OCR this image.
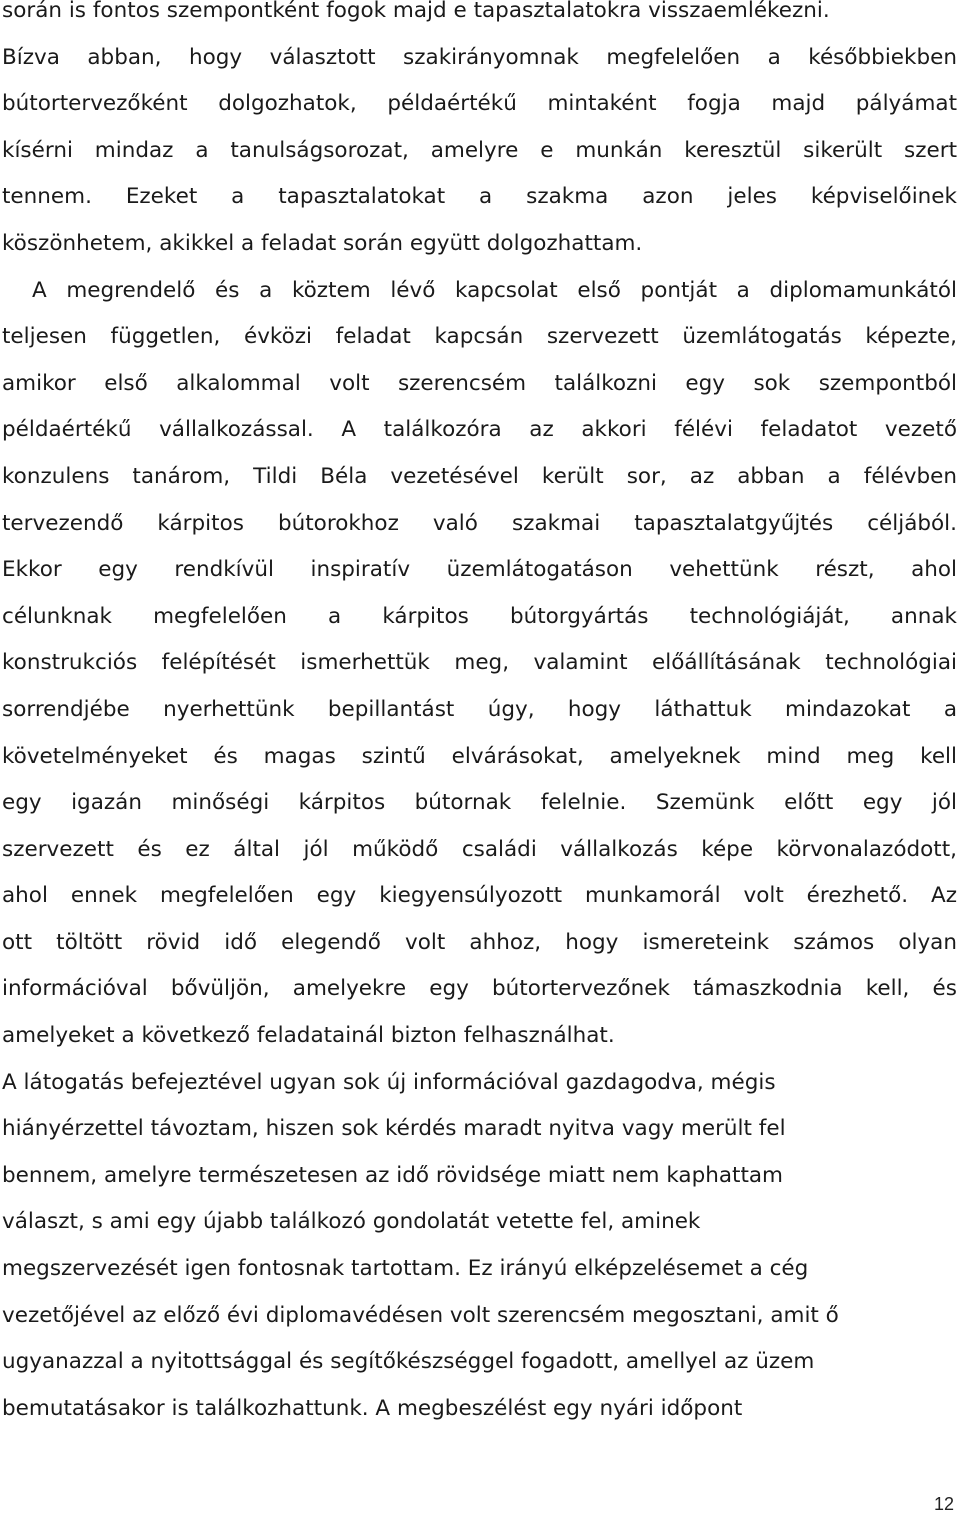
során is fontos szempontként fogok majd e tapasztalatokra visszaemlékezni.
Bízva abban, hogy választott szakirányomnak megfelelően a későbbiekben
bútortervezőként dolgozhatok, példaértékű mintaként fogja majd pályámat
kísérni mindaz a tanulságsorozat, amelyre e munkán keresztül sikerült szert
tennem. Ezeket a tapasztalatokat a szakma azon jeles képviselőinek
köszönhetem, akikkel a feladat során együtt dolgozhattam.
A megrendelő és a köztem lévő kapcsolat első pontját a diplomamunkától
teljesen független, évközi feladat kapcsán szervezett üzemlátogatás képezte,
amikor első alkalommal volt szerencsém találkozni egy sok szempontból
példaértékű vállalkozással. A találkozóra az akkori félévi feladatot vezető
konzulens tanárom, Tildi Béla vezetésével került sor, az abban a félévben
tervezendő kárpitos bútorokhoz való szakmai tapasztalatgyűjtés céljából.
Ekkor egy rendkívül inspiratív üzemlátogatáson vehettünk részt, ahol
célunknak megfelelően a kárpitos bútorgyártás technológiáját, annak
konstrukciós felépítését ismerhettük meg, valamint előállításának technológiai
sorrendjébe nyerhettünk bepillantást úgy, hogy láthattuk mindazokat a
követelményeket és magas szintű elvárásokat, amelyeknek mind meg kell
egy igazán minőségi kárpitos bútornak felelnie. Szemünk előtt egy jól
szervezett és ez által jól működő családi vállalkozás képe körvonalazódott,
ahol ennek megfelelően egy kiegyensúlyozott munkamorál volt érezhető. Az
ott töltött rövid idő elegendő volt ahhoz, hogy ismereteink számos olyan
információval bővüljön, amelyekre egy bútortervezőnek támaszkodnia kell, és
amelyeket a következő feladatainál bizton felhasználhat.
A látogatás befejeztével ugyan sok új információval gazdagodva, mégis
hiányérzettel távoztam, hiszen sok kérdés maradt nyitva vagy merült fel
bennem, amelyre természetesen az idő rövidsége miatt nem kaphattam
választ, s ami egy újabb találkozó gondolatát vetette fel, aminek
megszervezését igen fontosnak tartottam. Ez irányú elképzelésemet a cég
vezetőjével az előző évi diplomavédésen volt szerencsém megosztani, amit ő
ugyanazzal a nyitottsággal és segítőkészséggel fogadott, amellyel az üzem
bemutatásakor is találkozhattunk. A megbeszélést egy nyári időpont
12
